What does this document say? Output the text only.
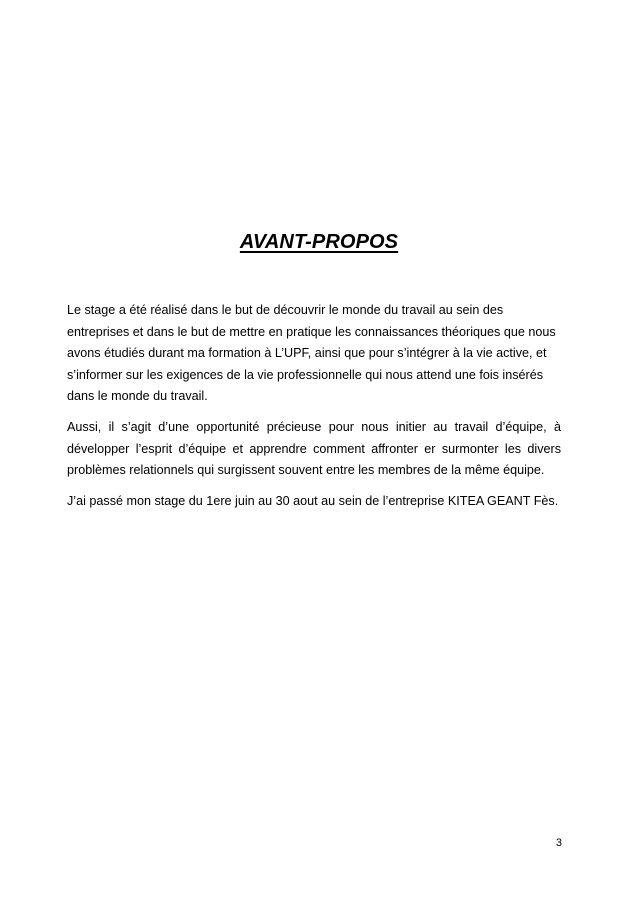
AVANT-PROPOS

Le stage a été réalisé dans le but de découvrir le monde du travail au sein des entreprises et dans le but de mettre en pratique les connaissances théoriques que nous avons étudiés durant ma formation à L’UPF, ainsi que pour s’intégrer à la vie active, et s’informer sur les exigences de la vie professionnelle qui nous attend une fois insérés dans le monde du travail.

Aussi, il s’agit d’une opportunité précieuse pour nous initier au travail d’équipe, à développer l’esprit d’équipe et apprendre comment affronter er surmonter les divers problèmes relationnels qui surgissent souvent entre les membres de la même équipe.

J’ai passé mon stage du 1ere juin au 30 aout au sein de l’entreprise KITEA GEANT Fès.

3
